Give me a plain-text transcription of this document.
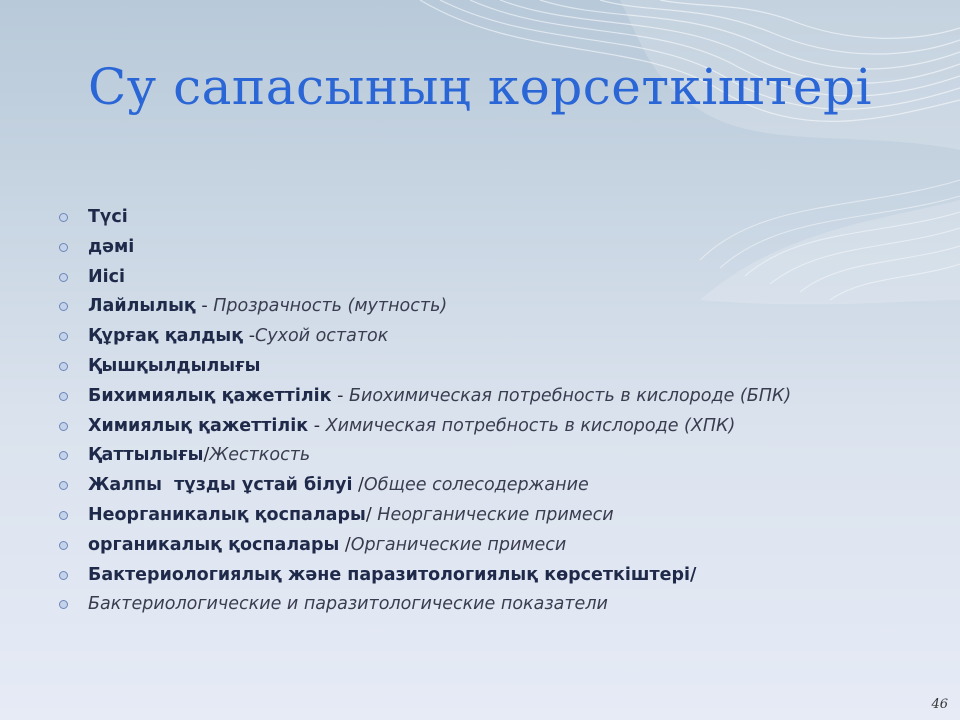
Су сапасының көрсеткіштері
Түсі
дәмі
Иісі
Лайлылық - Прозрачность (мутность)
Құрғақ қалдық -Сухой остаток
Қышқылдылығы
Бихимиялық қажеттілік - Биохимическая потребность в кислороде (БПК)
Химиялық қажеттілік - Химическая потребность в кислороде (ХПК)
Қаттылығы/Жесткость
Жалпы  тұзды ұстай білуі /Общее солесодержание
Неорганикалық қоспалары/ Неорганические примеси
органикалық қоспалары /Органические примеси
Бактериологиялық және паразитологиялық көрсеткіштері/
Бактериологические и паразитологические показатели
46
